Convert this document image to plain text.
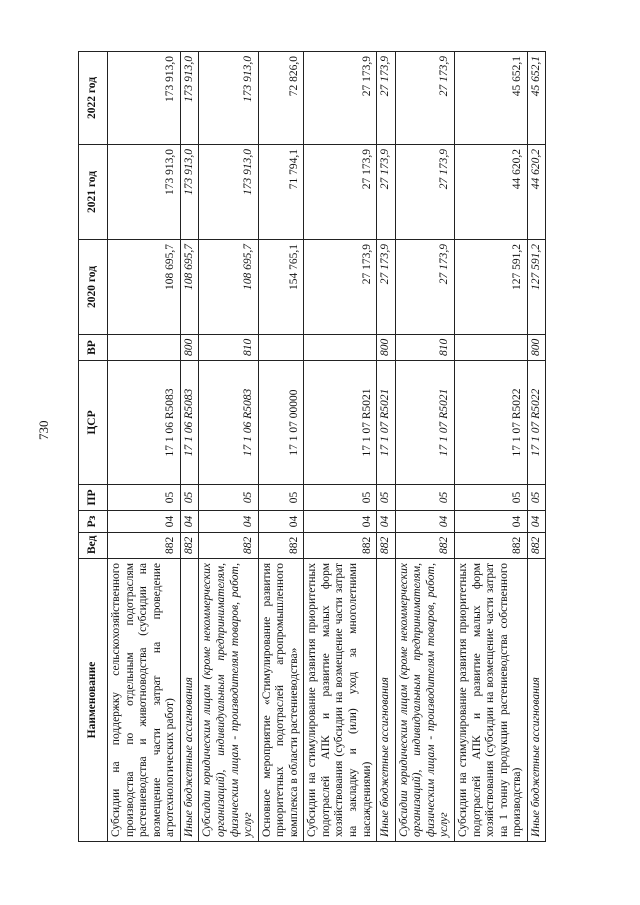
730
Наименование	Вед	Рз	ПР	ЦСР	ВР	2020 год	2021 год	2022 год
Субсидии на поддержку сельскохозяйственного производства по отдельным подотраслям растениеводства и животноводства (субсидии на возмещение части затрат на проведение агротехнологических работ)	882	04	05	17 1 06 R5083		108 695,7	173 913,0	173 913,0
Иные бюджетные ассигнования	882	04	05	17 1 06 R5083	800	108 695,7	173 913,0	173 913,0
Субсидии юридическим лицам (кроме некоммерческих организаций), индивидуальным предпринимателям, физическим лицам - производителям товаров, работ, услуг	882	04	05	17 1 06 R5083	810	108 695,7	173 913,0	173 913,0
Основное мероприятие «Стимулирование развития приоритетных подотраслей агропромышленного комплекса в области растениеводства»	882	04	05	17 1 07 00000		154 765,1	71 794,1	72 826,0
Субсидии на стимулирование развития приоритетных подотраслей АПК и развитие малых форм хозяйствования (субсидии на возмещение части затрат на закладку и (или) уход за многолетними насаждениями)	882	04	05	17 1 07 R5021		27 173,9	27 173,9	27 173,9
Иные бюджетные ассигнования	882	04	05	17 1 07 R5021	800	27 173,9	27 173,9	27 173,9
Субсидии юридическим лицам (кроме некоммерческих организаций), индивидуальным предпринимателям, физическим лицам - производителям товаров, работ, услуг	882	04	05	17 1 07 R5021	810	27 173,9	27 173,9	27 173,9
Субсидии на стимулирование развития приоритетных подотраслей АПК и развитие малых форм хозяйствования (субсидии на возмещение части затрат на 1 тонну продукции растениеводства собственного производства)	882	04	05	17 1 07 R5022		127 591,2	44 620,2	45 652,1
Иные бюджетные ассигнования	882	04	05	17 1 07 R5022	800	127 591,2	44 620,2	45 652,1
